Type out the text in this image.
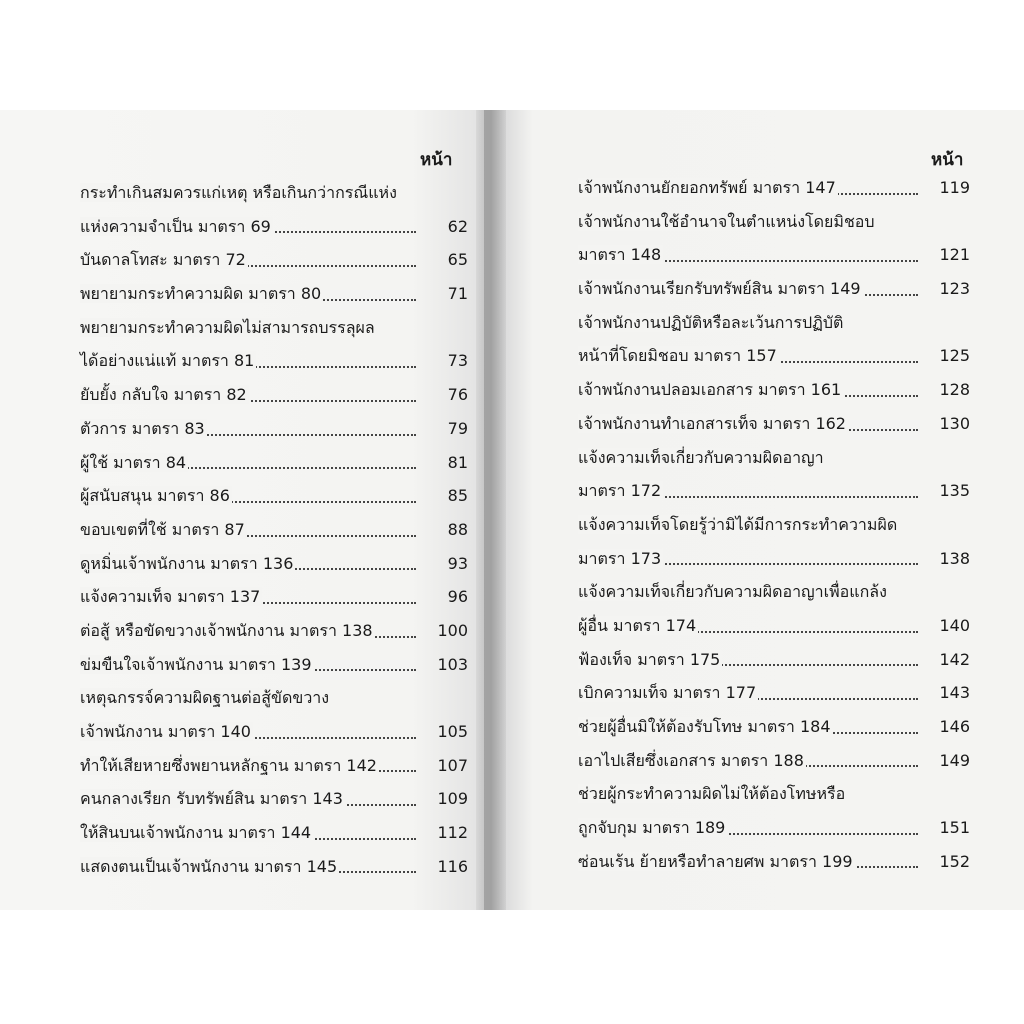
หน้า
กระทำเกินสมควรแก่เหตุ หรือเกินกว่ากรณีแห่ง
แห่งความจำเป็น มาตรา 69	62
บันดาลโทสะ มาตรา 72	65
พยายามกระทำความผิด มาตรา 80	71
พยายามกระทำความผิดไม่สามารถบรรลุผล
ได้อย่างแน่แท้ มาตรา 81	73
ยับยั้ง กลับใจ มาตรา 82	76
ตัวการ มาตรา 83	79
ผู้ใช้ มาตรา 84	81
ผู้สนับสนุน มาตรา 86	85
ขอบเขตที่ใช้ มาตรา 87	88
ดูหมิ่นเจ้าพนักงาน มาตรา 136	93
แจ้งความเท็จ มาตรา 137	96
ต่อสู้ หรือขัดขวางเจ้าพนักงาน มาตรา 138	100
ข่มขืนใจเจ้าพนักงาน มาตรา 139	103
เหตุฉกรรจ์ความผิดฐานต่อสู้ขัดขวาง
เจ้าพนักงาน มาตรา 140	105
ทำให้เสียหายซึ่งพยานหลักฐาน มาตรา 142	107
คนกลางเรียก รับทรัพย์สิน มาตรา 143	109
ให้สินบนเจ้าพนักงาน มาตรา 144	112
แสดงตนเป็นเจ้าพนักงาน มาตรา 145	116
หน้า
เจ้าพนักงานยักยอกทรัพย์ มาตรา 147	119
เจ้าพนักงานใช้อำนาจในตำแหน่งโดยมิชอบ
มาตรา 148	121
เจ้าพนักงานเรียกรับทรัพย์สิน มาตรา 149	123
เจ้าพนักงานปฏิบัติหรือละเว้นการปฏิบัติ
หน้าที่โดยมิชอบ มาตรา 157	125
เจ้าพนักงานปลอมเอกสาร มาตรา 161	128
เจ้าพนักงานทำเอกสารเท็จ มาตรา 162	130
แจ้งความเท็จเกี่ยวกับความผิดอาญา
มาตรา 172	135
แจ้งความเท็จโดยรู้ว่ามิได้มีการกระทำความผิด
มาตรา 173	138
แจ้งความเท็จเกี่ยวกับความผิดอาญาเพื่อแกล้ง
ผู้อื่น มาตรา 174	140
ฟ้องเท็จ มาตรา 175	142
เบิกความเท็จ มาตรา 177	143
ช่วยผู้อื่นมิให้ต้องรับโทษ มาตรา 184	146
เอาไปเสียซึ่งเอกสาร มาตรา 188	149
ช่วยผู้กระทำความผิดไม่ให้ต้องโทษหรือ
ถูกจับกุม มาตรา 189	151
ซ่อนเร้น ย้ายหรือทำลายศพ มาตรา 199	152
